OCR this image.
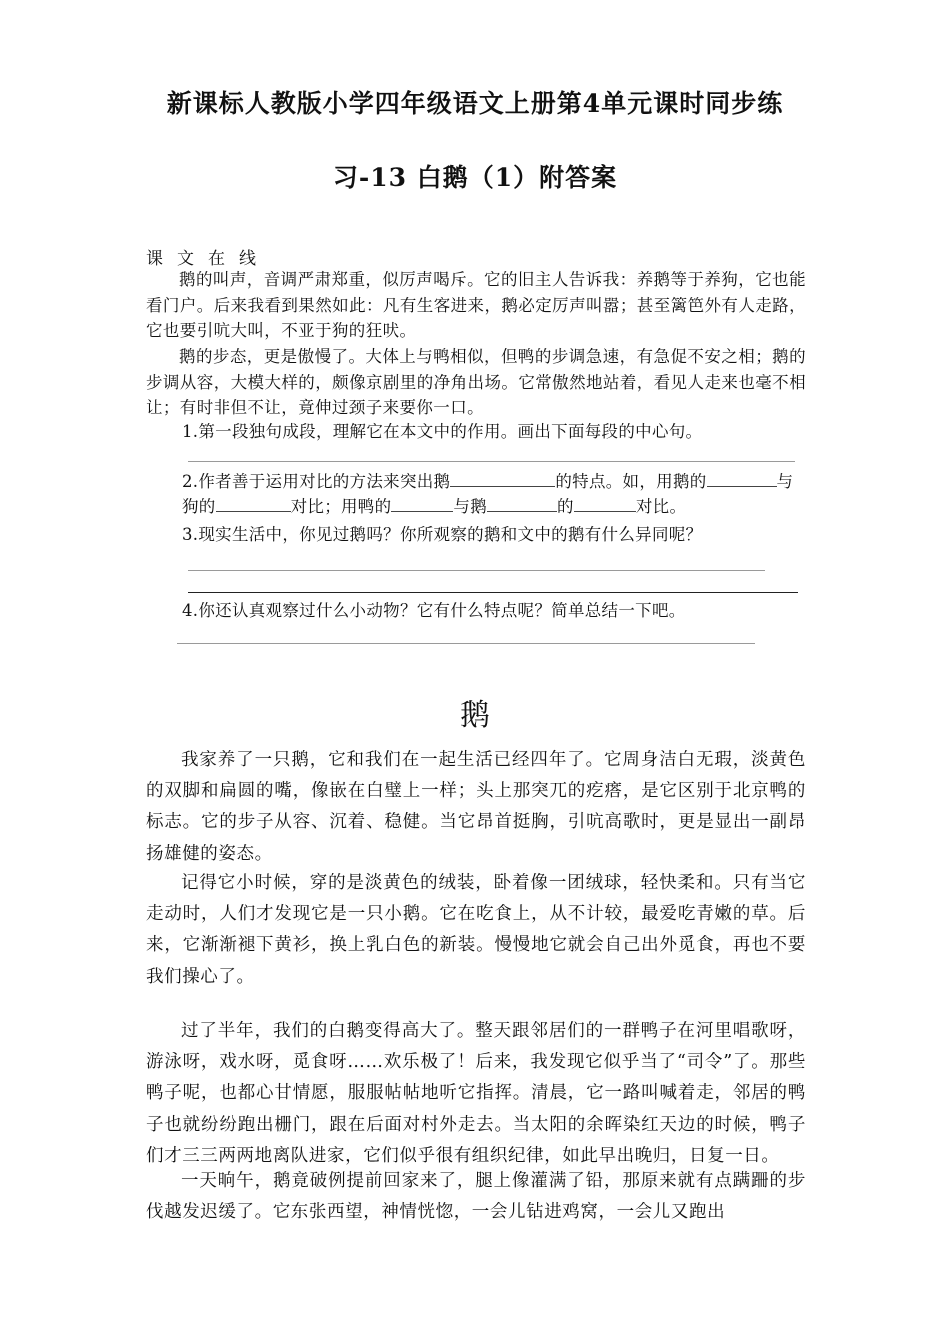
新课标人教版小学四年级语文上册第4单元课时同步练
习-13 白鹅（1）附答案
课文在线

鹅的叫声，音调严肃郑重，似厉声喝斥。它的旧主人告诉我：养鹅等于养狗，它也能看门户。后来我看到果然如此：凡有生客进来，鹅必定厉声叫嚣；甚至篱笆外有人走路，它也要引吭大叫，不亚于狗的狂吠。

鹅的步态，更是傲慢了。大体上与鸭相似，但鸭的步调急速，有急促不安之相；鹅的步调从容，大模大样的，颇像京剧里的净角出场。它常傲然地站着，看见人走来也毫不相让；有时非但不让，竟伸过颈子来要你一口。

1.第一段独句成段，理解它在本文中的作用。画出下面每段的中心句。

2.作者善于运用对比的方法来突出鹅	的特点。如，用鹅的	与狗的	对比；用鸭的	与鹅	的	对比。

3.现实生活中，你见过鹅吗？你所观察的鹅和文中的鹅有什么异同呢？

4.你还认真观察过什么小动物？它有什么特点呢？简单总结一下吧。

鹅

我家养了一只鹅，它和我们在一起生活已经四年了。它周身洁白无瑕，淡黄色的双脚和扁圆的嘴，像嵌在白璧上一样；头上那突兀的疙瘩，是它区别于北京鸭的标志。它的步子从容、沉着、稳健。当它昂首挺胸，引吭高歌时，更是显出一副昂扬雄健的姿态。

记得它小时候，穿的是淡黄色的绒装，卧着像一团绒球，轻快柔和。只有当它走动时，人们才发现它是一只小鹅。它在吃食上，从不计较，最爱吃青嫩的草。后来，它渐渐褪下黄衫，换上乳白色的新装。慢慢地它就会自己出外觅食，再也不要我们操心了。

过了半年，我们的白鹅变得高大了。整天跟邻居们的一群鸭子在河里唱歌呀，游泳呀，戏水呀，觅食呀……欢乐极了！后来，我发现它似乎当了“司令”了。那些鸭子呢，也都心甘情愿，服服帖帖地听它指挥。清晨，它一路叫喊着走，邻居的鸭子也就纷纷跑出栅门，跟在后面对村外走去。当太阳的余晖染红天边的时候，鸭子们才三三两两地离队进家，它们似乎很有组织纪律，如此早出晚归，日复一日。

一天晌午，鹅竟破例提前回家来了，腿上像灌满了铅，那原来就有点蹒跚的步伐越发迟缓了。它东张西望，神情恍惚，一会儿钻进鸡窝，一会儿又跑出
